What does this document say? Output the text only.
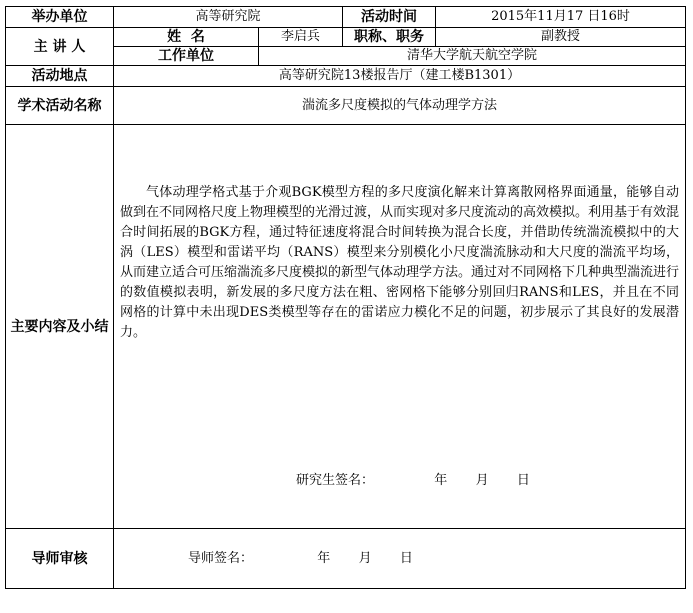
举办单位	高等研究院		活动时间	2015年11月17 日16时
主 讲 人	姓  名	李启兵	职称、职务	副教授
	工作单位	清华大学航天航空学院		
活动地点	高等研究院13楼报告厅（建工楼B1301）			
学术活动名称	湍流多尺度模拟的气体动理学方法			
主要内容及小结	气体动理学格式基于介观BGK模型方程的多尺度演化解来计算离散网格界面通量，能够自动做到在不同网格尺度上物理模型的光滑过渡，从而实现对多尺度流动的高效模拟。利用基于有效混合时间拓展的BGK方程，通过特征速度将混合时间转换为混合长度，并借助传统湍流模拟中的大涡（LES）模型和雷诺平均（RANS）模型来分别模化小尺度湍流脉动和大尺度的湍流平均场，从而建立适合可压缩湍流多尺度模拟的新型气体动理学方法。通过对不同网格下几种典型湍流进行的数值模拟表明，新发展的多尺度方法在粗、密网格下能够分别回归RANS和LES，并且在不同网格的计算中未出现DES类模型等存在的雷诺应力模化不足的问题，初步展示了其良好的发展潜力。
研究生签名： 年 月 日			

导师审核	导师签名： 年 月 日			
